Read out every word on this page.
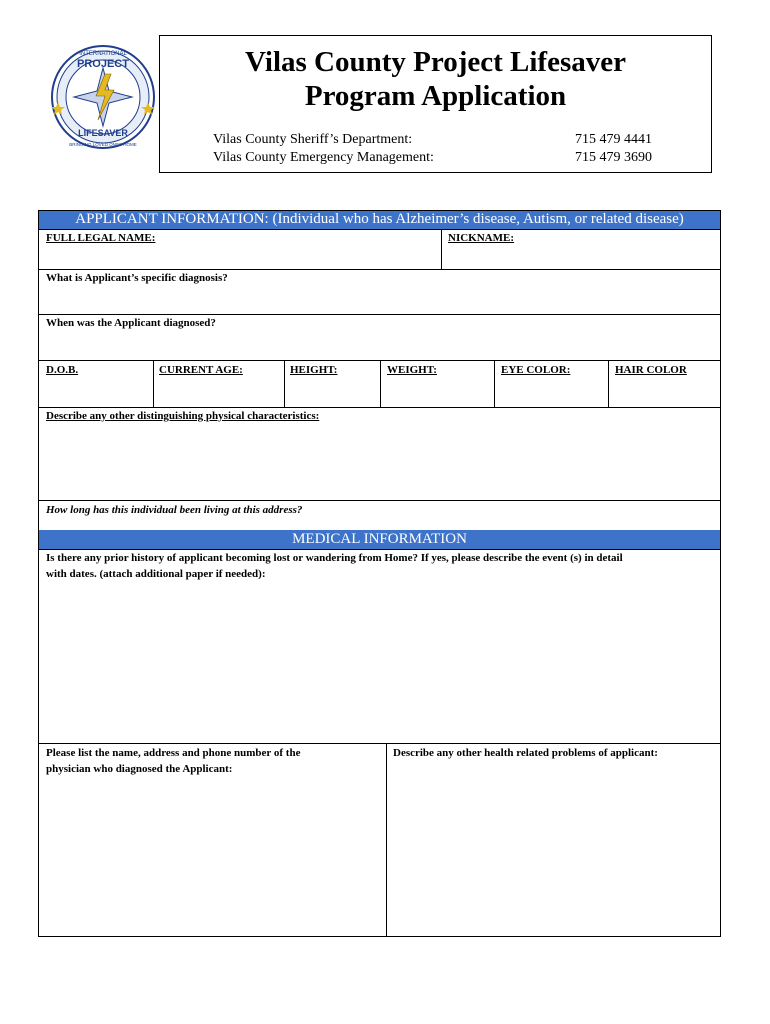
INTERNATIONAL
PROJECT
LIFESAVER
BRINGING LOVED ONES HOME
Vilas County Project Lifesaver
Program Application
Vilas County Sheriff’s Department:	715 479 4441
Vilas County Emergency Management:	715 479 3690
APPLICANT INFORMATION: (Individual who has Alzheimer’s disease, Autism, or related disease)
FULL LEGAL NAME:	NICKNAME:
What is Applicant’s specific diagnosis?
When was the Applicant diagnosed?
D.O.B.	CURRENT AGE:	HEIGHT:	WEIGHT:	EYE COLOR:	HAIR COLOR
Describe any other distinguishing physical characteristics:
How long has this individual been living at this address?
MEDICAL INFORMATION
Is there any prior history of applicant becoming lost or wandering from Home? If yes, please describe the event (s) in detail
with dates. (attach additional paper if needed):
Please list the name, address and phone number of the
physician who diagnosed the Applicant:
Describe any other health related problems of applicant:
